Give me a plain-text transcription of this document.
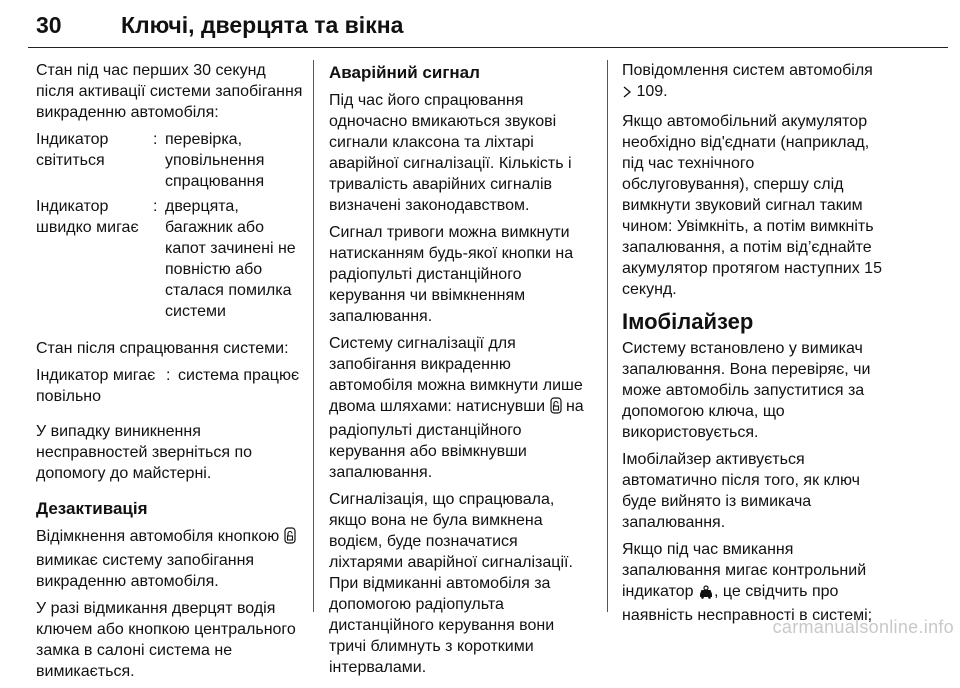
30	Ключі, дверцята та вікна

Стан під час перших 30 секунд після активації системи запобігання викраденню автомобіля:

Індикатор світиться
: перевірка, уповільнення спрацювання
Індикатор швидко мигає
: дверцята, багажник або капот зачинені не повністю або сталася помилка системи

Стан після спрацювання системи:

Індикатор мигає повільно
: система працює

У випадку виникнення несправностей зверніться по допомогу до майстерні.

Дезактивація

Відімкнення автомобіля кнопкою  вимикає систему запобігання викраденню автомобіля.

У разі відмикання дверцят водія ключем або кнопкою центрального замка в салоні система не вимикається.

Аварійний сигнал

Під час його спрацювання одночасно вмикаються звукові сигнали клаксона та ліхтарі аварійної сигналізації. Кількість і тривалість аварійних сигналів визначені законодавством.

Сигнал тривоги можна вимкнути натисканням будь-якої кнопки на радіопульті дистанційного керування чи ввімкненням запалювання.

Систему сигналізації для запобігання викраденню автомобіля можна вимкнути лише двома шляхами: натиснувши на радіопульті дистанційного керування або ввімкнувши запалювання.

Сигналізація, що спрацювала, якщо вона не була вимкнена водієм, буде позначатися ліхтарями аварійної сигналізації. При відмиканні автомобіля за допомогою радіопульта дистанційного керування вони тричі блимнуть з короткими інтервалами.

Повідомлення систем автомобіля
109.

Якщо автомобільний акумулятор необхідно від'єднати (наприклад, під час технічного обслуговування), спершу слід вимкнути звуковий сигнал таким чином: Увімкніть, а потім вимкніть запалювання, а потім від’єднайте акумулятор протягом наступних 15 секунд.

Імобілайзер

Систему встановлено у вимикач запалювання. Вона перевіряє, чи може автомобіль запуститися за допомогою ключа, що використовується.

Імобілайзер активується автоматично після того, як ключ буде вийнято із вимикача запалювання.

Якщо під час вмикання запалювання мигає контрольний індикатор , це свідчить про наявність несправності в системі;

carmanualsonline.info
